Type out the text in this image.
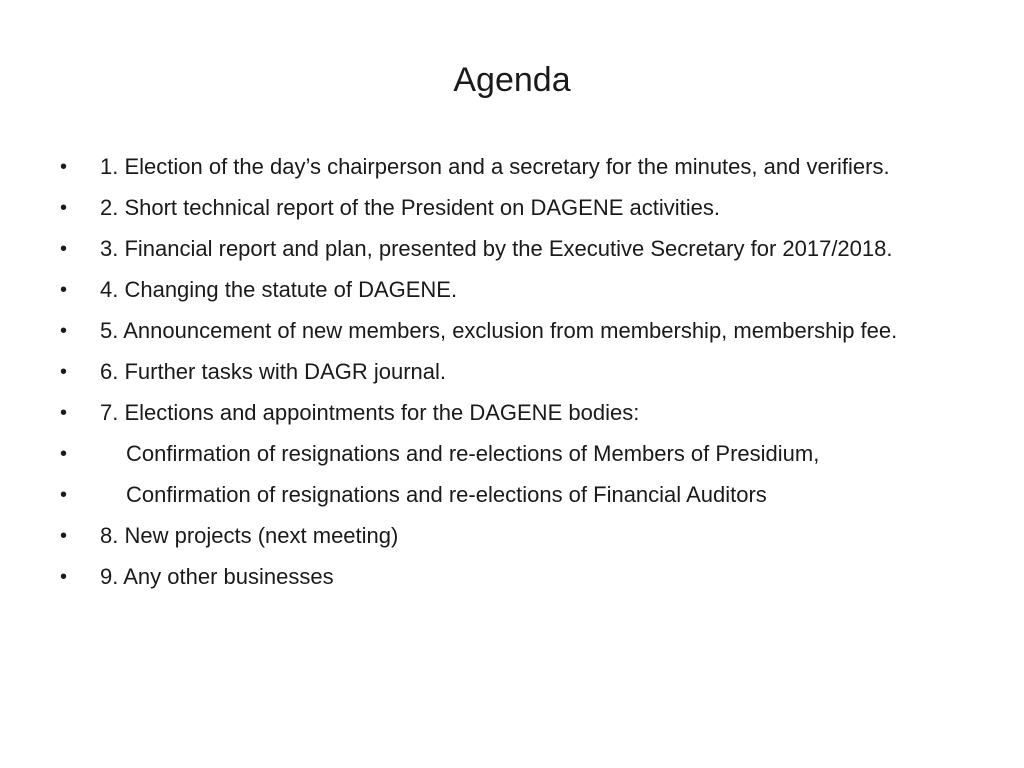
Agenda
•	1. Election of the day’s chairperson and a secretary for the minutes, and verifiers.
•	2. Short technical report of the President on DAGENE activities.
•	3. Financial report and plan, presented by the Executive Secretary for 2017/2018.
•	4. Changing the statute of DAGENE.
•	5. Announcement of new members, exclusion from membership, membership fee.
•	6. Further tasks with DAGR journal.
•	7. Elections and appointments for the DAGENE bodies:
•	Confirmation of resignations and re-elections of Members of Presidium,
•	Confirmation of resignations and re-elections of Financial Auditors
•	8. New projects (next meeting)
•	9. Any other businesses
